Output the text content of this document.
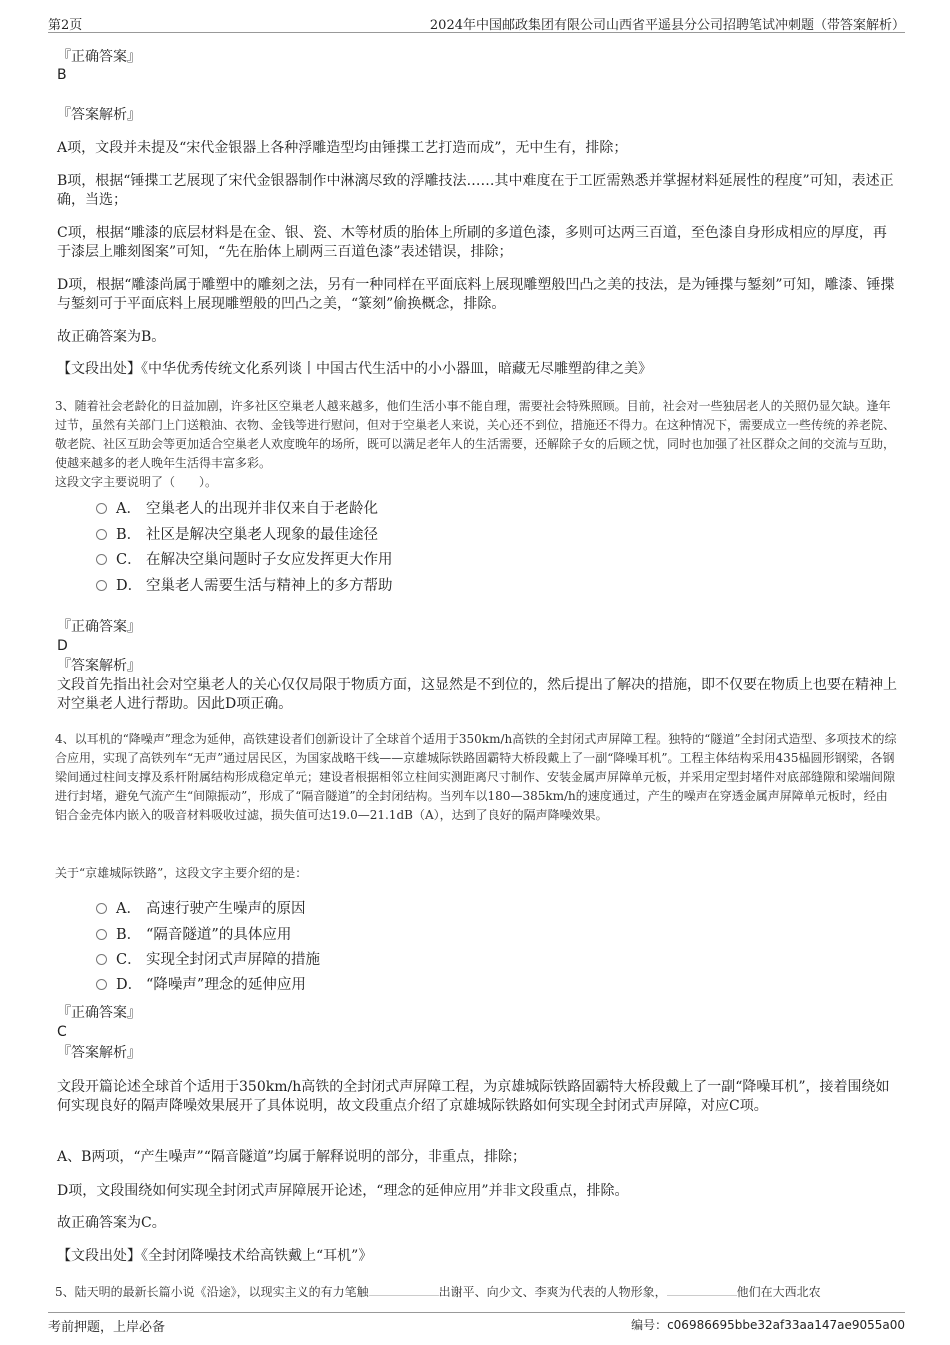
第2页	2024年中国邮政集团有限公司山西省平遥县分公司招聘笔试冲刺题（带答案解析）
『正确答案』
B
『答案解析』
A项，文段并未提及“宋代金银器上各种浮雕造型均由锤揲工艺打造而成”，无中生有，排除；
B项，根据“锤揲工艺展现了宋代金银器制作中淋漓尽致的浮雕技法……其中难度在于工匠需熟悉并掌握材料延展性的程度”可知，表述正确，当选；
C项，根据“雕漆的底层材料是在金、银、瓷、木等材质的胎体上所刷的多道色漆，多则可达两三百道，至色漆自身形成相应的厚度，再于漆层上雕刻图案”可知，“先在胎体上刷两三百道色漆”表述错误，排除；
D项，根据“雕漆尚属于雕塑中的雕刻之法，另有一种同样在平面底料上展现雕塑般凹凸之美的技法，是为锤揲与錾刻”可知，雕漆、锤揲与錾刻可于平面底料上展现雕塑般的凹凸之美，“篆刻”偷换概念，排除。
故正确答案为B。
【文段出处】《中华优秀传统文化系列谈丨中国古代生活中的小小器皿，暗藏无尽雕塑韵律之美》
3、随着社会老龄化的日益加剧，许多社区空巢老人越来越多，他们生活小事不能自理，需要社会特殊照顾。目前，社会对一些独居老人的关照仍显欠缺。逢年过节，虽然有关部门上门送粮油、衣物、金钱等进行慰问，但对于空巢老人来说，关心还不到位，措施还不得力。在这种情况下，需要成立一些传统的养老院、敬老院、社区互助会等更加适合空巢老人欢度晚年的场所，既可以满足老年人的生活需要，还解除子女的后顾之忧，同时也加强了社区群众之间的交流与互助，使越来越多的老人晚年生活得丰富多彩。
这段文字主要说明了（　　）。
A． 空巢老人的出现并非仅来自于老龄化
B． 社区是解决空巢老人现象的最佳途径
C． 在解决空巢问题时子女应发挥更大作用
D． 空巢老人需要生活与精神上的多方帮助
『正确答案』
D
『答案解析』
文段首先指出社会对空巢老人的关心仅仅局限于物质方面，这显然是不到位的，然后提出了解决的措施，即不仅要在物质上也要在精神上对空巢老人进行帮助。因此D项正确。
4、以耳机的“降噪声”理念为延伸，高铁建设者们创新设计了全球首个适用于350km/h高铁的全封闭式声屏障工程。独特的“隧道”全封闭式造型、多项技术的综合应用，实现了高铁列车“无声”通过居民区，为国家战略干线——京雄城际铁路固霸特大桥段戴上了一副“降噪耳机”。工程主体结构采用435榀圆形钢梁，各钢梁间通过柱间支撑及系杆附属结构形成稳定单元；建设者根据相邻立柱间实测距离尺寸制作、安装金属声屏障单元板，并采用定型封堵件对底部缝隙和梁端间隙进行封堵，避免气流产生“间隙振动”，形成了“隔音隧道”的全封闭结构。当列车以180—385km/h的速度通过，产生的噪声在穿透金属声屏障单元板时，经由铝合金壳体内嵌入的吸音材料吸收过滤，损失值可达19.0—21.1dB（A），达到了良好的隔声降噪效果。
关于“京雄城际铁路”，这段文字主要介绍的是：
A． 高速行驶产生噪声的原因
B． “隔音隧道”的具体应用
C． 实现全封闭式声屏障的措施
D． “降噪声”理念的延伸应用
『正确答案』
C
『答案解析』
文段开篇论述全球首个适用于350km/h高铁的全封闭式声屏障工程，为京雄城际铁路固霸特大桥段戴上了一副“降噪耳机”，接着围绕如何实现良好的隔声降噪效果展开了具体说明，故文段重点介绍了京雄城际铁路如何实现全封闭式声屏障，对应C项。
A、B两项，“产生噪声”“隔音隧道”均属于解释说明的部分，非重点，排除；
D项，文段围绕如何实现全封闭式声屏障展开论述，“理念的延伸应用”并非文段重点，排除。
故正确答案为C。
【文段出处】《全封闭降噪技术给高铁戴上“耳机”》
5、陆天明的最新长篇小说《沿途》，以现实主义的有力笔触	出谢平、向少文、李爽为代表的人物形象，	他们在大西北农
考前押题，上岸必备	编号：c06986695bbe32af33aa147ae9055a00
